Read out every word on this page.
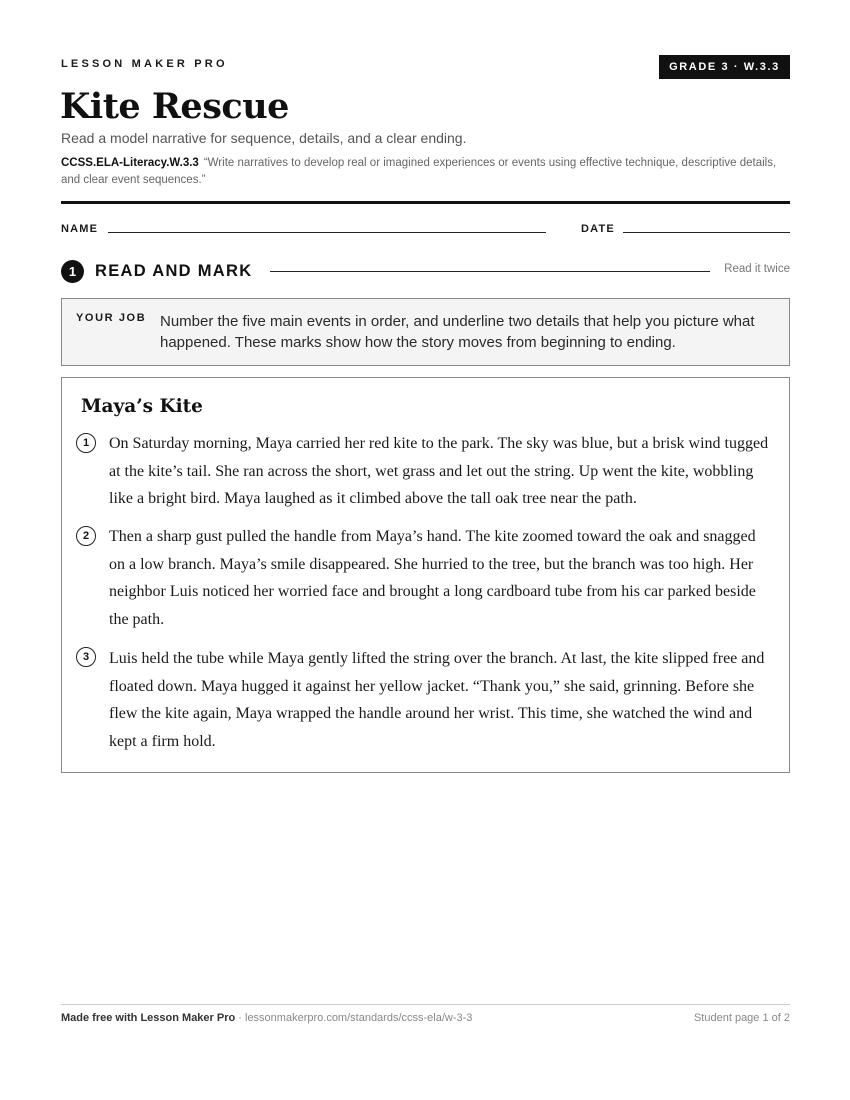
LESSON MAKER PRO	GRADE 3 · W.3.3
Kite Rescue

Read a model narrative for sequence, details, and a clear ending.

CCSS.ELA-Literacy.W.3.3 “Write narratives to develop real or imagined experiences or events using effective technique, descriptive details, and clear event sequences.”

NAME	DATE
1	READ AND MARK	Read it twice
YOUR JOB Number the five main events in order, and underline two details that help you picture what happened. These marks show how the story moves from beginning to ending.

Maya’s Kite
1	On Saturday morning, Maya carried her red kite to the park. The sky was blue, but a brisk wind tugged at the kite’s tail. She ran across the short, wet grass and let out the string. Up went the kite, wobbling like a bright bird. Maya laughed as it climbed above the tall oak tree near the path.

2	Then a sharp gust pulled the handle from Maya’s hand. The kite zoomed toward the oak and snagged on a low branch. Maya’s smile disappeared. She hurried to the tree, but the branch was too high. Her neighbor Luis noticed her worried face and brought a long cardboard tube from his car parked beside the path.

3	Luis held the tube while Maya gently lifted the string over the branch. At last, the kite slipped free and floated down. Maya hugged it against her yellow jacket. “Thank you,” she said, grinning. Before she flew the kite again, Maya wrapped the handle around her wrist. This time, she watched the wind and kept a firm hold.

Made free with Lesson Maker Pro · lessonmakerpro.com/standards/ccss-ela/w-3-3	Student page 1 of 2
